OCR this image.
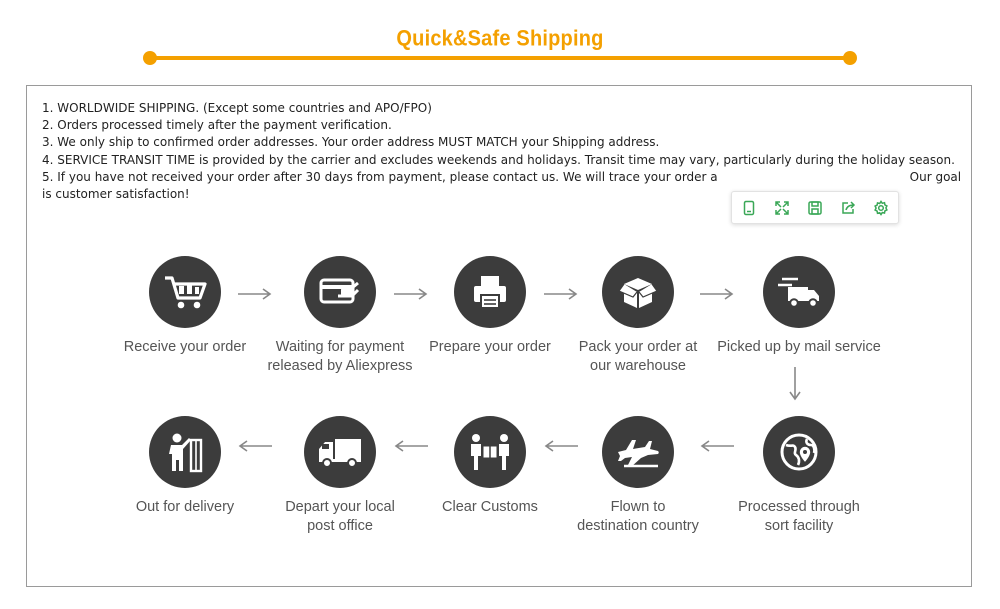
Quick&Safe Shipping
1. WORLDWIDE SHIPPING. (Except some countries and APO/FPO)
2. Orders processed timely after the payment verification.
3. We only ship to confirmed order addresses. Your order address MUST MATCH your Shipping address.
4. SERVICE TRANSIT TIME is provided by the carrier and excludes weekends and holidays. Transit time may vary, particularly during the holiday season.
5. If you have not received your order after 30 days from payment, please contact us. We will trace your order a	Our goal is customer satisfaction!
Receive your order	Waiting for payment
released by Aliexpress
Prepare your order	Pack your order at
our warehouse
Picked up by mail service
Processed through
sort facility
Flown to
destination country
Clear Customs
Depart your local
post office
Out for delivery
